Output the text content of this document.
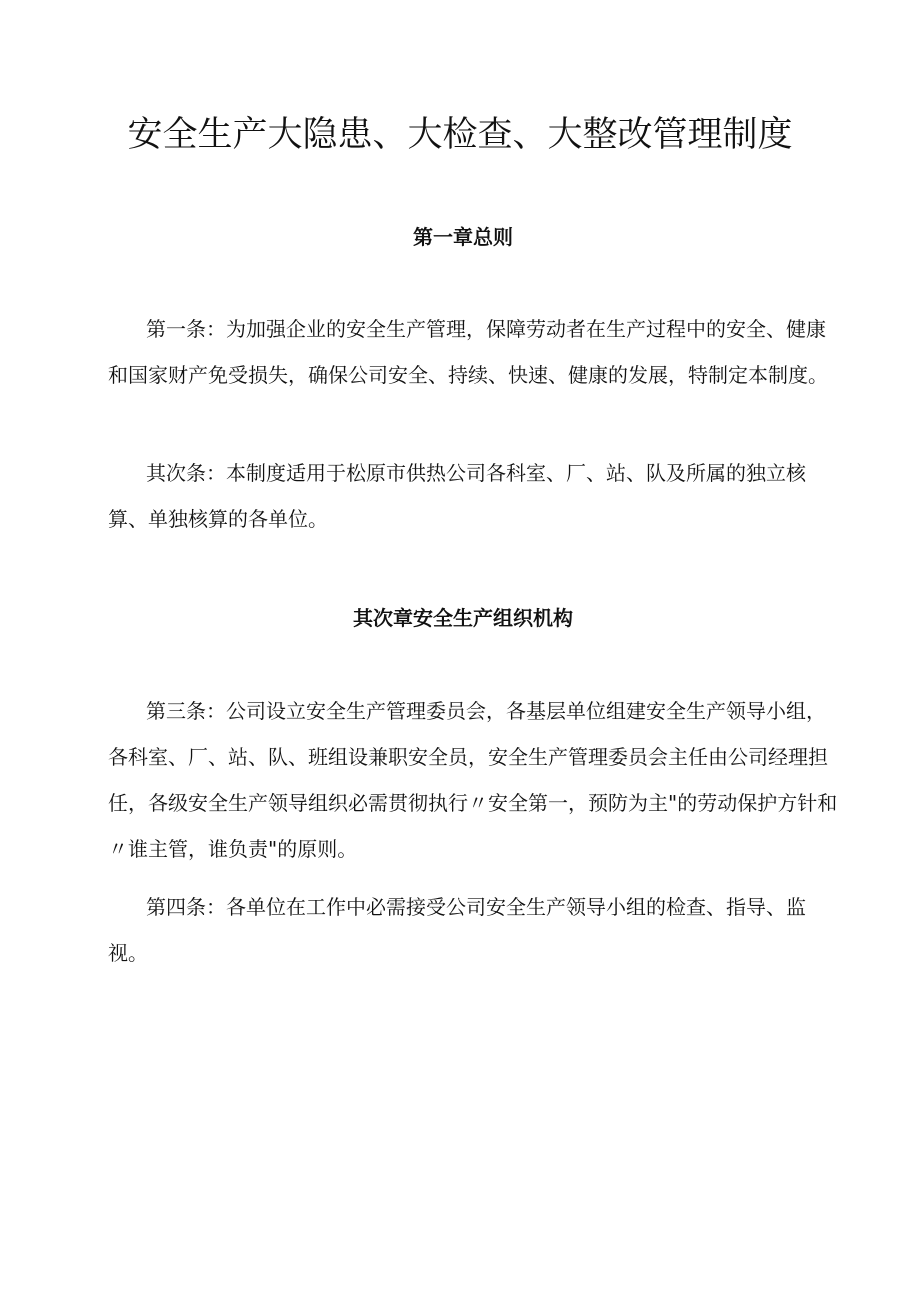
安全生产大隐患、大检查、大整改管理制度
第一章总则

第一条：为加强企业的安全生产管理，保障劳动者在生产过程中的安全、健康和国家财产免受损失，确保公司安全、持续、快速、健康的发展，特制定本制度。

其次条：本制度适用于松原市供热公司各科室、厂、站、队及所属的独立核算、单独核算的各单位。

其次章安全生产组织机构

第三条：公司设立安全生产管理委员会，各基层单位组建安全生产领导小组，各科室、厂、站、队、班组设兼职安全员，安全生产管理委员会主任由公司经理担任，各级安全生产领导组织必需贯彻执行〃安全第一，预防为主"的劳动保护方针和〃谁主管，谁负责"的原则。

第四条：各单位在工作中必需接受公司安全生产领导小组的检查、指导、监视。
